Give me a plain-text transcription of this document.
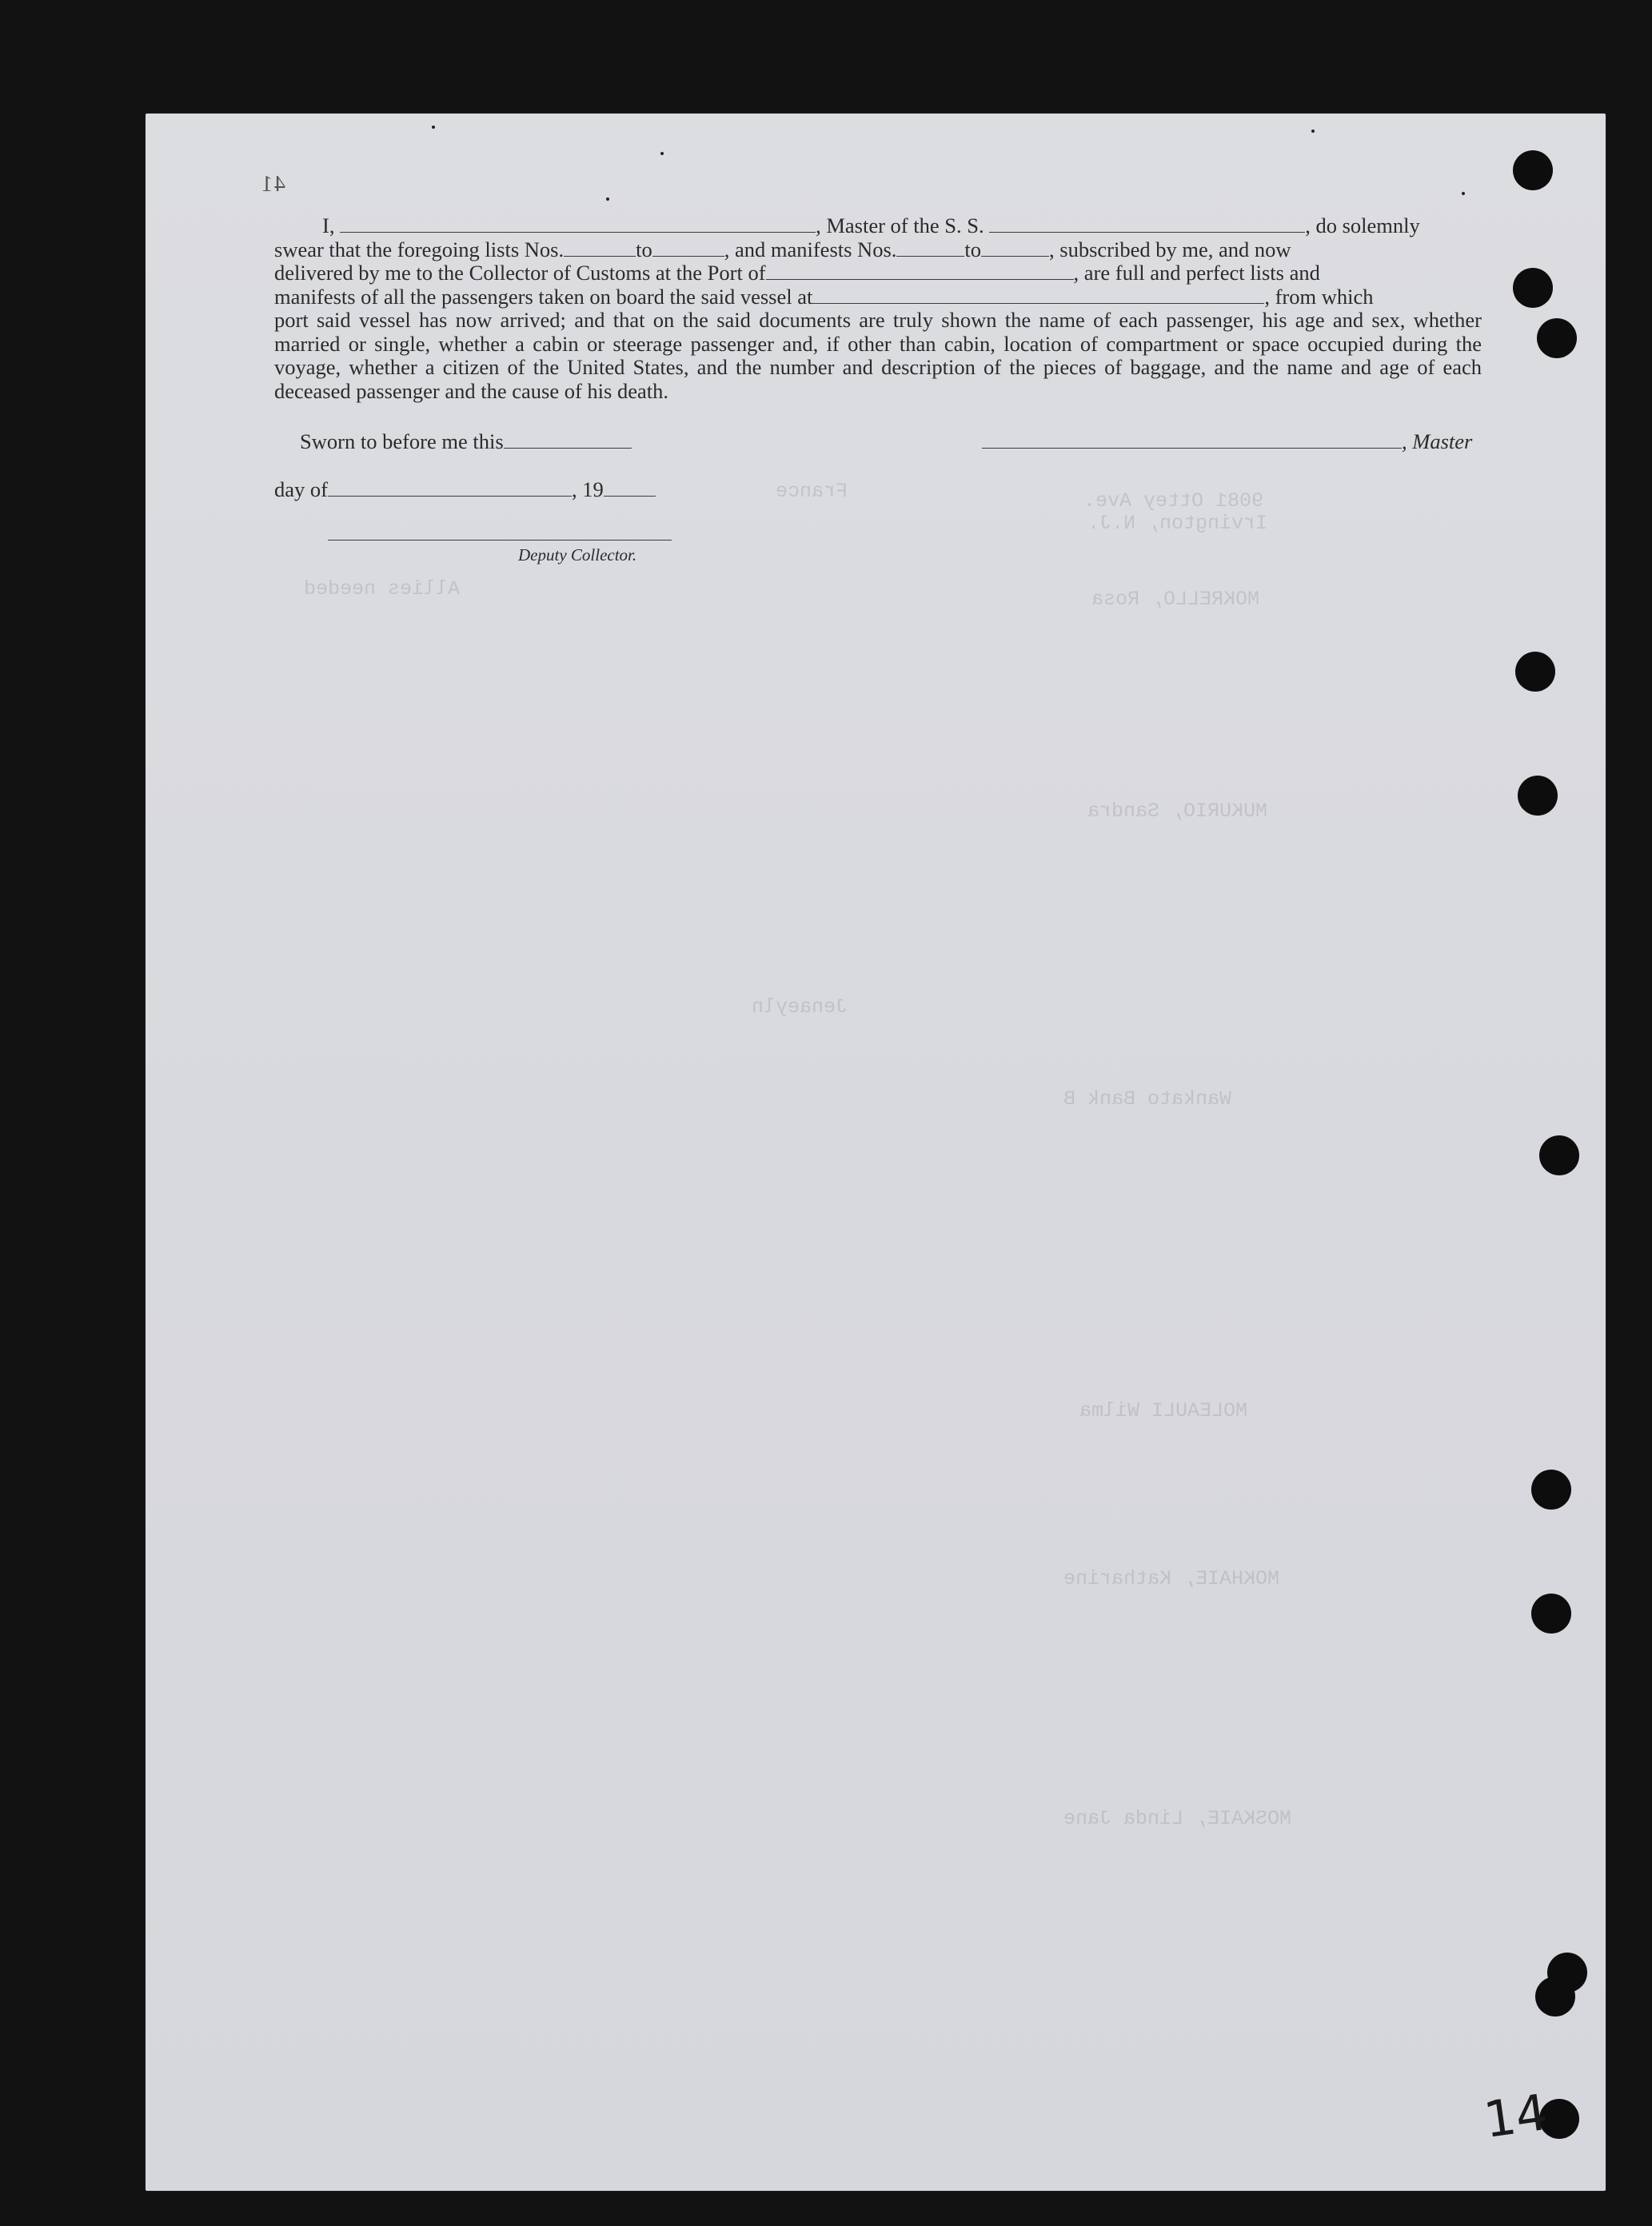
41

I,	, Master of the S. S.	, do solemnly

swear that the foregoing lists Nos.	to	, and manifests Nos.	to	, subscribed by me, and now
delivered by me to the Collector of Customs at the Port of	, are full and perfect lists and
manifests of all the passengers taken on board the said vessel at	, from which
port said vessel has now arrived; and that on the said documents are truly shown the name of each passenger, his age and sex, whether married or single, whether a cabin or steerage passenger and, if other than cabin, location of compartment or space occupied during the voyage, whether a citizen of the United States, and the number and description of the pieces of baggage, and the name and age of each deceased passenger and the cause of his death.
Sworn to before me this	, Master
day of	, 19
Deputy Collector.
14
